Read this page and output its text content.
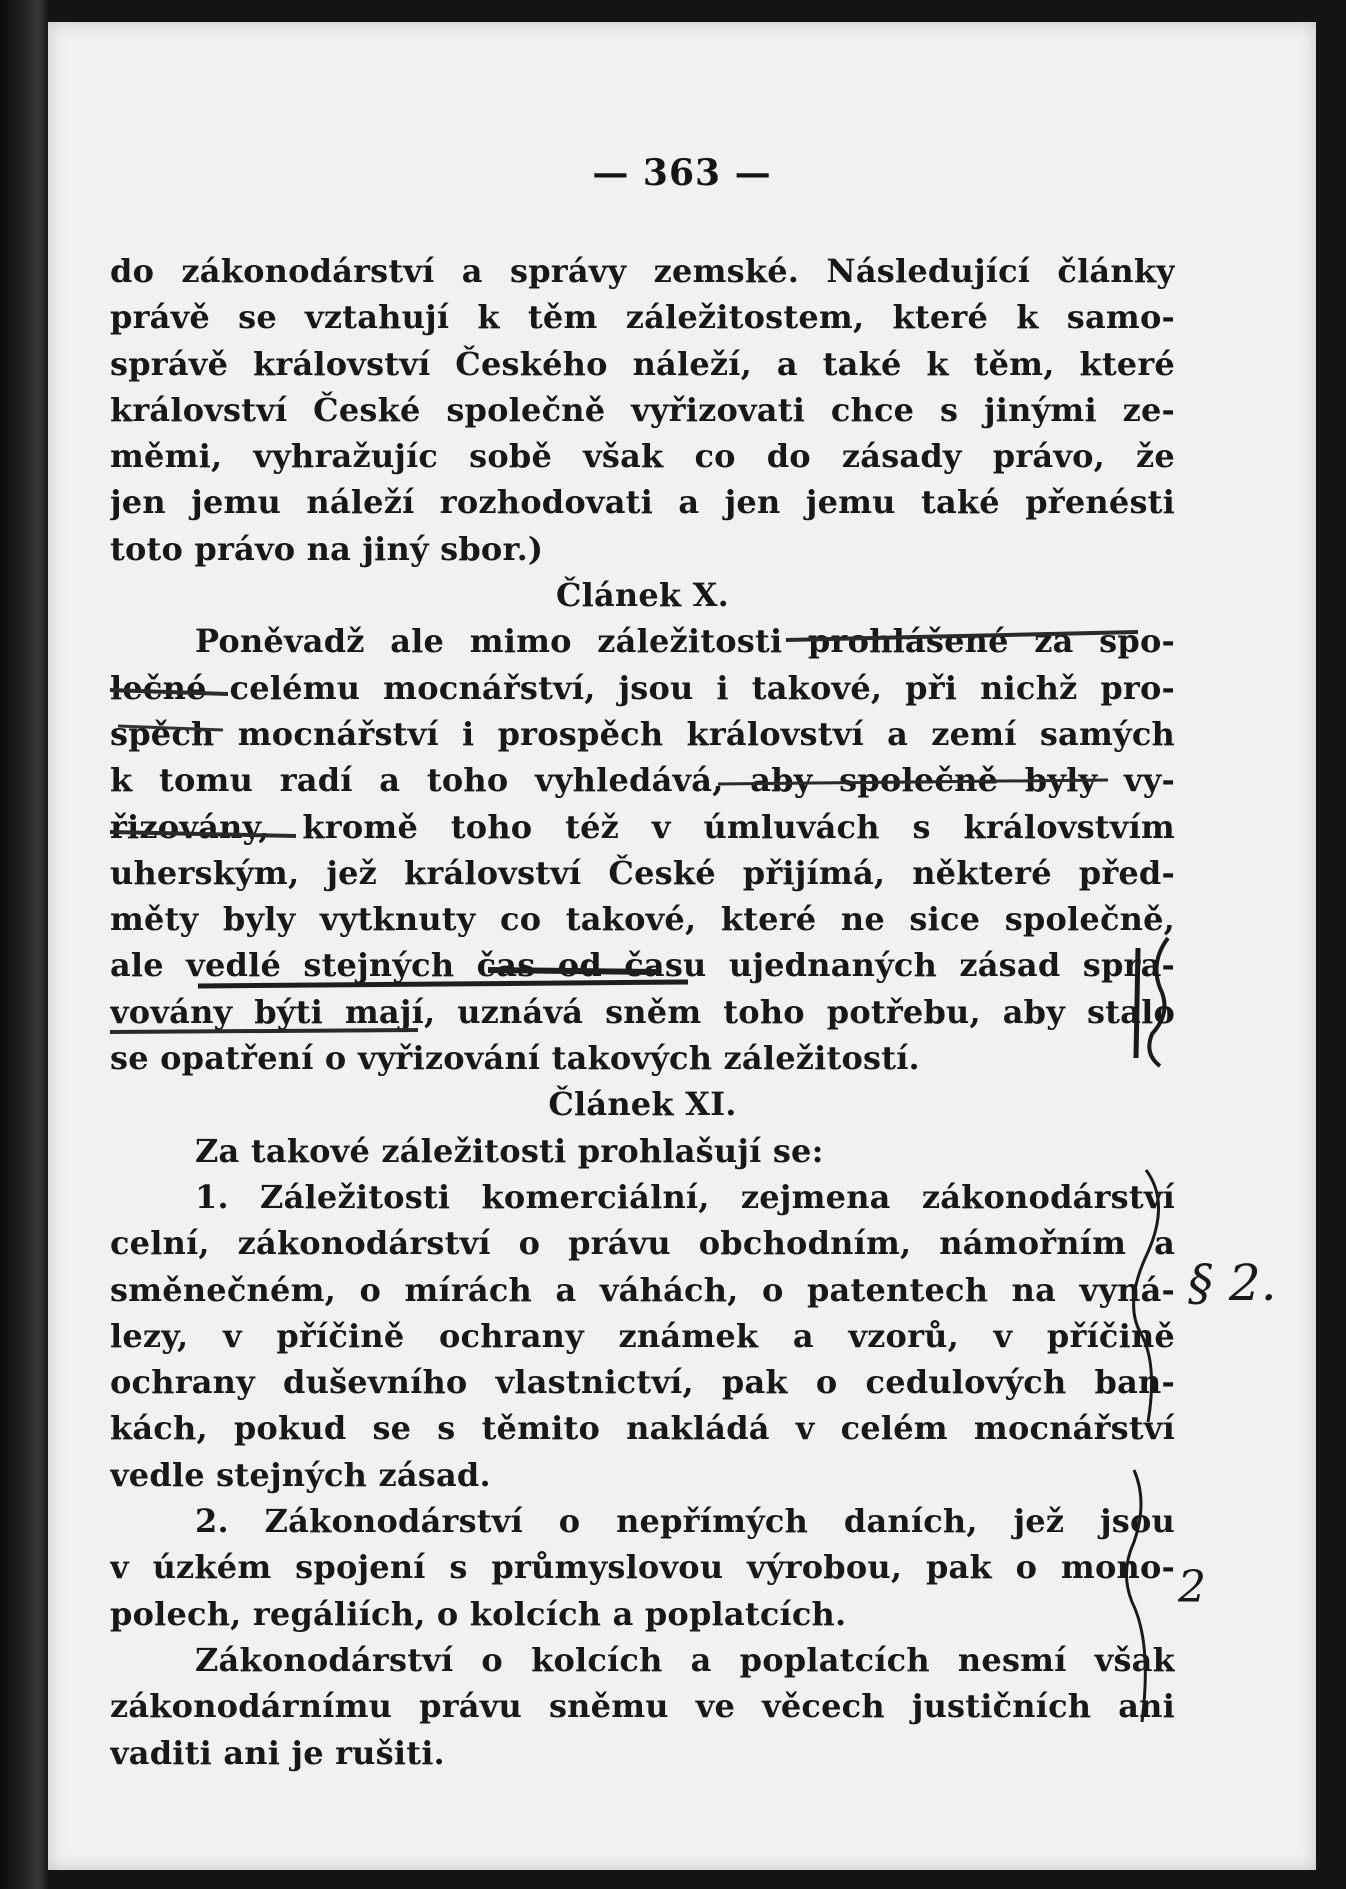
— 363 —
do zákonodárství a správy zemské. Následující články
právě se vztahují k těm záležitostem, které k samo-
správě království Českého náleží, a také k těm, které
království České společně vyřizovati chce s jinými ze-
měmi, vyhražujíc sobě však co do zásady právo, že
jen jemu náleží rozhodovati a jen jemu také přenésti
toto právo na jiný sbor.)
Článek X.
Poněvadž ale mimo záležitosti prohlášené za spo-
lečné celému mocnářství, jsou i takové, při nichž pro-
spěch mocnářství i prospěch království a zemí samých
k tomu radí a toho vyhledává, aby společně byly vy-
řizovány, kromě toho též v úmluvách s královstvím
uherským, jež království České přijímá, některé před-
měty byly vytknuty co takové, které ne sice společně,
ale vedlé stejných čas od času ujednaných zásad spra-
vovány býti mají, uznává sněm toho potřebu, aby stalo
se opatření o vyřizování takových záležitostí.
Článek XI.
Za takové záležitosti prohlašují se:
1. Záležitosti komerciální, zejmena zákonodárství
celní, zákonodárství o právu obchodním, námořním a
směnečném, o mírách a váhách, o patentech na vyná-
lezy, v příčině ochrany známek a vzorů, v příčině
ochrany duševního vlastnictví, pak o cedulových ban-
kách, pokud se s těmito nakládá v celém mocnářství
vedle stejných zásad.
2. Zákonodárství o nepřímých daních, jež jsou
v úzkém spojení s průmyslovou výrobou, pak o mono-
polech, regáliích, o kolcích a poplatcích.
Zákonodárství o kolcích a poplatcích nesmí však
zákonodárnímu právu sněmu ve věcech justičních ani
vaditi ani je rušiti.
§ 2.
2
